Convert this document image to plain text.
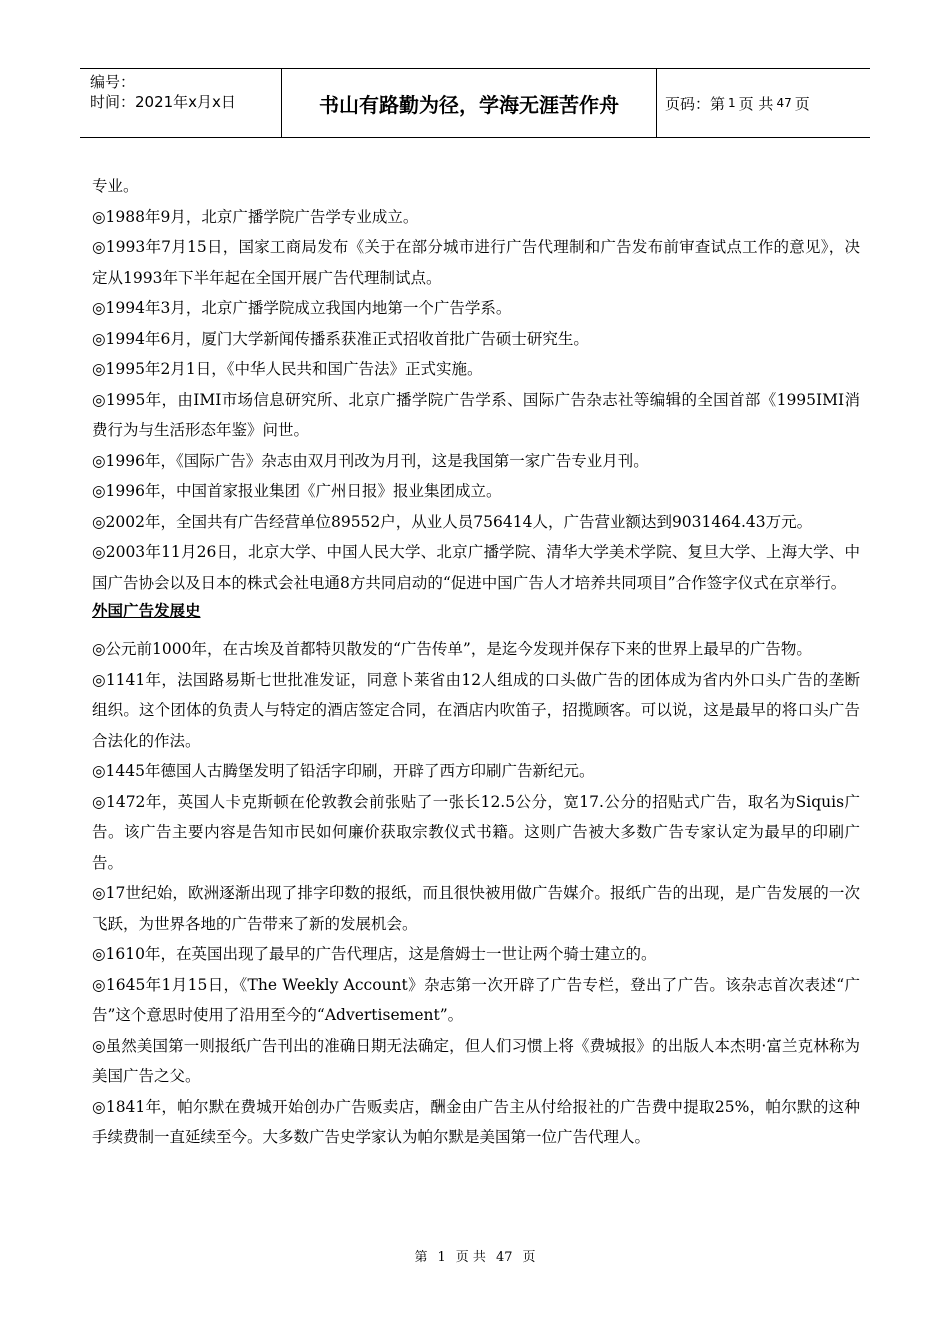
编号：
时间：2021年x月x日	书山有路勤为径，学海无涯苦作舟	页码：第 1 页 共 47 页

专业。

◎1988年9月，北京广播学院广告学专业成立。

◎1993年7月15日，国家工商局发布《关于在部分城市进行广告代理制和广告发布前审查试点工作的意见》，决定从1993年下半年起在全国开展广告代理制试点。

◎1994年3月，北京广播学院成立我国内地第一个广告学系。

◎1994年6月，厦门大学新闻传播系获准正式招收首批广告硕士研究生。

◎1995年2月1日，《中华人民共和国广告法》正式实施。

◎1995年，由IMI市场信息研究所、北京广播学院广告学系、国际广告杂志社等编辑的全国首部《1995IMI消费行为与生活形态年鉴》问世。

◎1996年，《国际广告》杂志由双月刊改为月刊，这是我国第一家广告专业月刊。

◎1996年，中国首家报业集团《广州日报》报业集团成立。

◎2002年，全国共有广告经营单位89552户，从业人员756414人，广告营业额达到9031464.43万元。

◎2003年11月26日，北京大学、中国人民大学、北京广播学院、清华大学美术学院、复旦大学、上海大学、中国广告协会以及日本的株式会社电通8方共同启动的“促进中国广告人才培养共同项目”合作签字仪式在京举行。

外国广告发展史

◎公元前1000年，在古埃及首都特贝散发的“广告传单”，是迄今发现并保存下来的世界上最早的广告物。

◎1141年，法国路易斯七世批准发证，同意卜莱省由12人组成的口头做广告的团体成为省内外口头广告的垄断组织。这个团体的负责人与特定的酒店签定合同，在酒店内吹笛子，招揽顾客。可以说，这是最早的将口头广告合法化的作法。

◎1445年德国人古腾堡发明了铅活字印刷，开辟了西方印刷广告新纪元。

◎1472年，英国人卡克斯顿在伦敦教会前张贴了一张长12.5公分，宽17.公分的招贴式广告，取名为Siquis广告。该广告主要内容是告知市民如何廉价获取宗教仪式书籍。这则广告被大多数广告专家认定为最早的印刷广告。

◎17世纪始，欧洲逐渐出现了排字印数的报纸，而且很快被用做广告媒介。报纸广告的出现，是广告发展的一次飞跃，为世界各地的广告带来了新的发展机会。

◎1610年，在英国出现了最早的广告代理店，这是詹姆士一世让两个骑士建立的。

◎1645年1月15日，《The Weekly Account》杂志第一次开辟了广告专栏，登出了广告。该杂志首次表述“广告”这个意思时使用了沿用至今的“Advertisement”。

◎虽然美国第一则报纸广告刊出的准确日期无法确定，但人们习惯上将《费城报》的出版人本杰明·富兰克林称为美国广告之父。

◎1841年，帕尔默在费城开始创办广告贩卖店，酬金由广告主从付给报社的广告费中提取25%，帕尔默的这种手续费制一直延续至今。大多数广告史学家认为帕尔默是美国第一位广告代理人。

第 1 页 共 47 页
